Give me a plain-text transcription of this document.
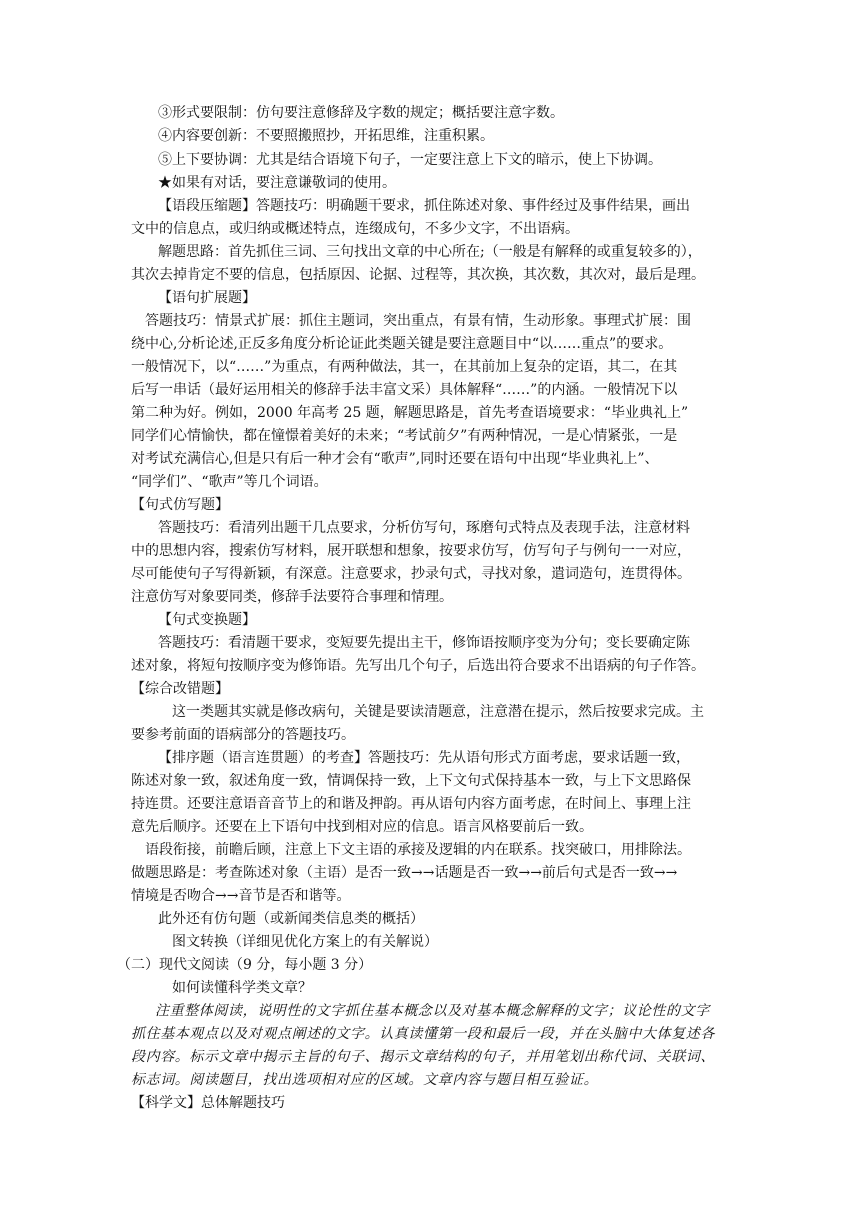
③形式要限制：仿句要注意修辞及字数的规定；概括要注意字数。
④内容要创新：不要照搬照抄，开拓思维，注重积累。
⑤上下要协调：尤其是结合语境下句子，一定要注意上下文的暗示，使上下协调。
★如果有对话，要注意谦敬词的使用。
【语段压缩题】答题技巧：明确题干要求，抓住陈述对象、事件经过及事件结果，画出
文中的信息点，或归纳或概述特点，连缀成句，不多少文字，不出语病。
解题思路：首先抓住三词、三句找出文章的中心所在;（一般是有解释的或重复较多的），
其次去掉肯定不要的信息，包括原因、论据、过程等，其次换，其次数，其次对，最后是理。
【语句扩展题】
答题技巧：情景式扩展：抓住主题词，突出重点，有景有情，生动形象。事理式扩展：围
绕中心,分析论述,正反多角度分析论证此类题关键是要注意题目中“以……重点”的要求。
一般情况下，以“……”为重点，有两种做法，其一，在其前加上复杂的定语，其二，在其
后写一串话（最好运用相关的修辞手法丰富文采）具体解释“……”的内涵。一般情况下以
第二种为好。例如，2000 年高考 25 题，解题思路是，首先考查语境要求：“毕业典礼上”
同学们心情愉快，都在憧憬着美好的未来；“考试前夕”有两种情况，一是心情紧张，一是
对考试充满信心,但是只有后一种才会有“歌声”,同时还要在语句中出现“毕业典礼上”、
“同学们”、“歌声”等几个词语。
【句式仿写题】
答题技巧：看清列出题干几点要求，分析仿写句，琢磨句式特点及表现手法，注意材料
中的思想内容，搜索仿写材料，展开联想和想象，按要求仿写，仿写句子与例句一一对应，
尽可能使句子写得新颖，有深意。注意要求，抄录句式，寻找对象，遣词造句，连贯得体。
注意仿写对象要同类，修辞手法要符合事理和情理。
【句式变换题】
答题技巧：看清题干要求，变短要先提出主干，修饰语按顺序变为分句；变长要确定陈
述对象，将短句按顺序变为修饰语。先写出几个句子，后选出符合要求不出语病的句子作答。
【综合改错题】
这一类题其实就是修改病句，关键是要读清题意，注意潜在提示，然后按要求完成。主
要参考前面的语病部分的答题技巧。
【排序题（语言连贯题）的考查】答题技巧：先从语句形式方面考虑，要求话题一致，
陈述对象一致，叙述角度一致，情调保持一致，上下文句式保持基本一致，与上下文思路保
持连贯。还要注意语音音节上的和谐及押韵。再从语句内容方面考虑，在时间上、事理上注
意先后顺序。还要在上下语句中找到相对应的信息。语言风格要前后一致。
语段衔接，前瞻后顾，注意上下文主语的承接及逻辑的内在联系。找突破口，用排除法。
做题思路是：考查陈述对象（主语）是否一致→→话题是否一致→→前后句式是否一致→→
情境是否吻合→→音节是否和谐等。
此外还有仿句题（或新闻类信息类的概括）
图文转换（详细见优化方案上的有关解说）
（二）现代文阅读（9 分，每小题 3 分）
如何读懂科学类文章？
注重整体阅读，说明性的文字抓住基本概念以及对基本概念解释的文字；议论性的文字
抓住基本观点以及对观点阐述的文字。认真读懂第一段和最后一段，并在头脑中大体复述各
段内容。标示文章中揭示主旨的句子、揭示文章结构的句子，并用笔划出称代词、关联词、
标志词。阅读题目，找出选项相对应的区域。文章内容与题目相互验证。
【科学文】总体解题技巧
